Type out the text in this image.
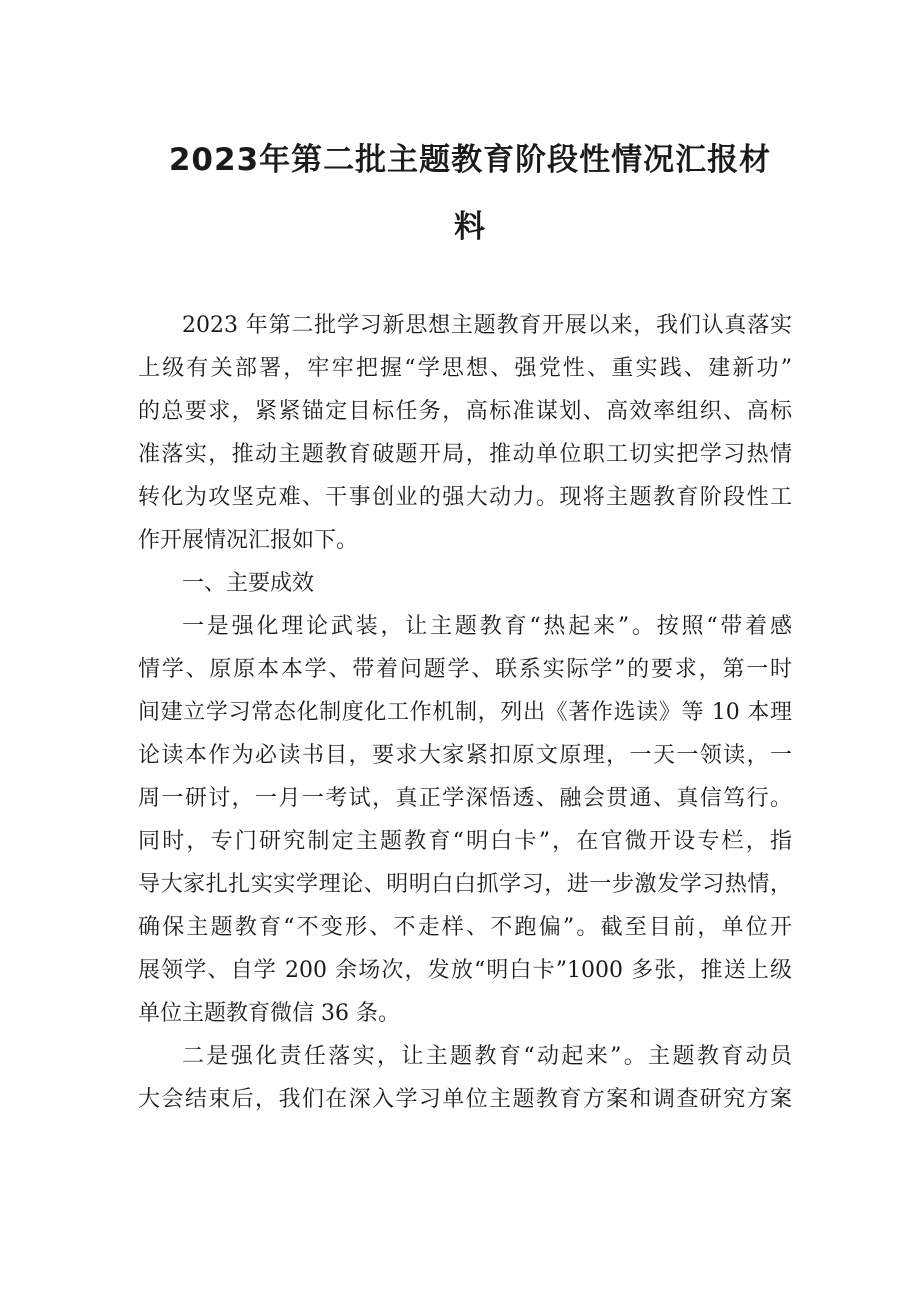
2023年第二批主题教育阶段性情况汇报材
料

2023 年第二批学习新思想主题教育开展以来，我们认真落实

上级有关部署，牢牢把握“学思想、强党性、重实践、建新功”

的总要求，紧紧锚定目标任务，高标准谋划、高效率组织、高标

准落实，推动主题教育破题开局，推动单位职工切实把学习热情

转化为攻坚克难、干事创业的强大动力。现将主题教育阶段性工

作开展情况汇报如下。

一、主要成效

一是强化理论武装，让主题教育“热起来”。按照“带着感

情学、原原本本学、带着问题学、联系实际学”的要求，第一时

间建立学习常态化制度化工作机制，列出《著作选读》等 10 本理

论读本作为必读书目，要求大家紧扣原文原理，一天一领读，一

周一研讨，一月一考试，真正学深悟透、融会贯通、真信笃行。

同时，专门研究制定主题教育“明白卡”，在官微开设专栏，指

导大家扎扎实实学理论、明明白白抓学习，进一步激发学习热情，

确保主题教育“不变形、不走样、不跑偏”。截至目前，单位开

展领学、自学 200 余场次，发放“明白卡”1000 多张，推送上级

单位主题教育微信 36 条。

二是强化责任落实，让主题教育“动起来”。主题教育动员

大会结束后，我们在深入学习单位主题教育方案和调查研究方案
